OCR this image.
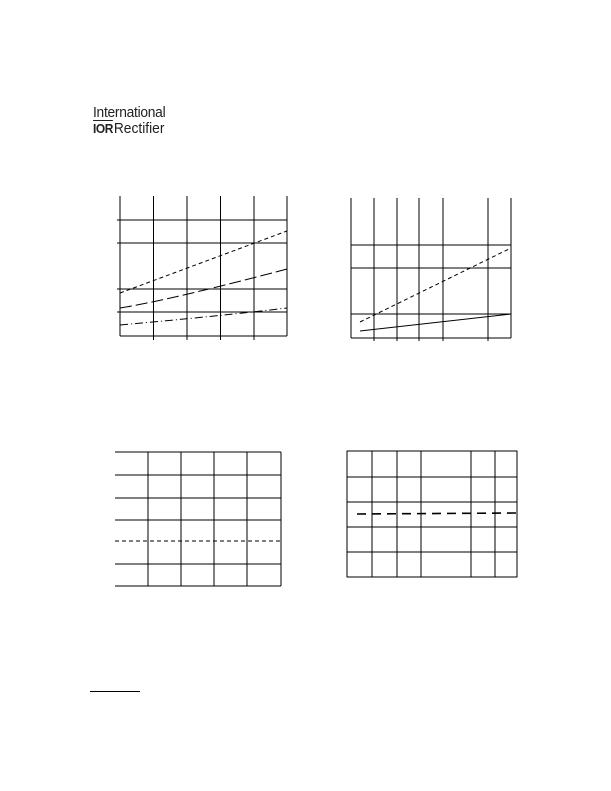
International
$\overline{IOR}$ Rectifier
